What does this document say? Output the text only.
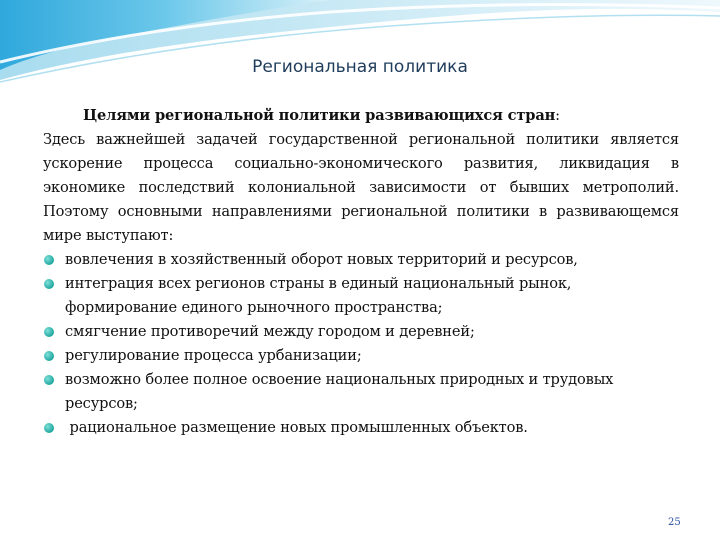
Региональная политика

Целями региональной политики развивающихся стран:

Здесь важнейшей задачей государственной региональной политики является ускорение процесса социально-экономического развития, ликвидация в экономике последствий колониальной зависимости от бывших метрополий. Поэтому основными направлениями региональной политики в развивающемся мире выступают:

вовлечения в хозяйственный оборот новых территорий и ресурсов,
интеграция всех регионов страны в единый национальный рынок, формирование единого рыночного пространства;
смягчение противоречий между городом и деревней;
регулирование процесса урбанизации;
возможно более полное освоение национальных природных и трудовых ресурсов;
рациональное размещение новых промышленных объектов.
25
